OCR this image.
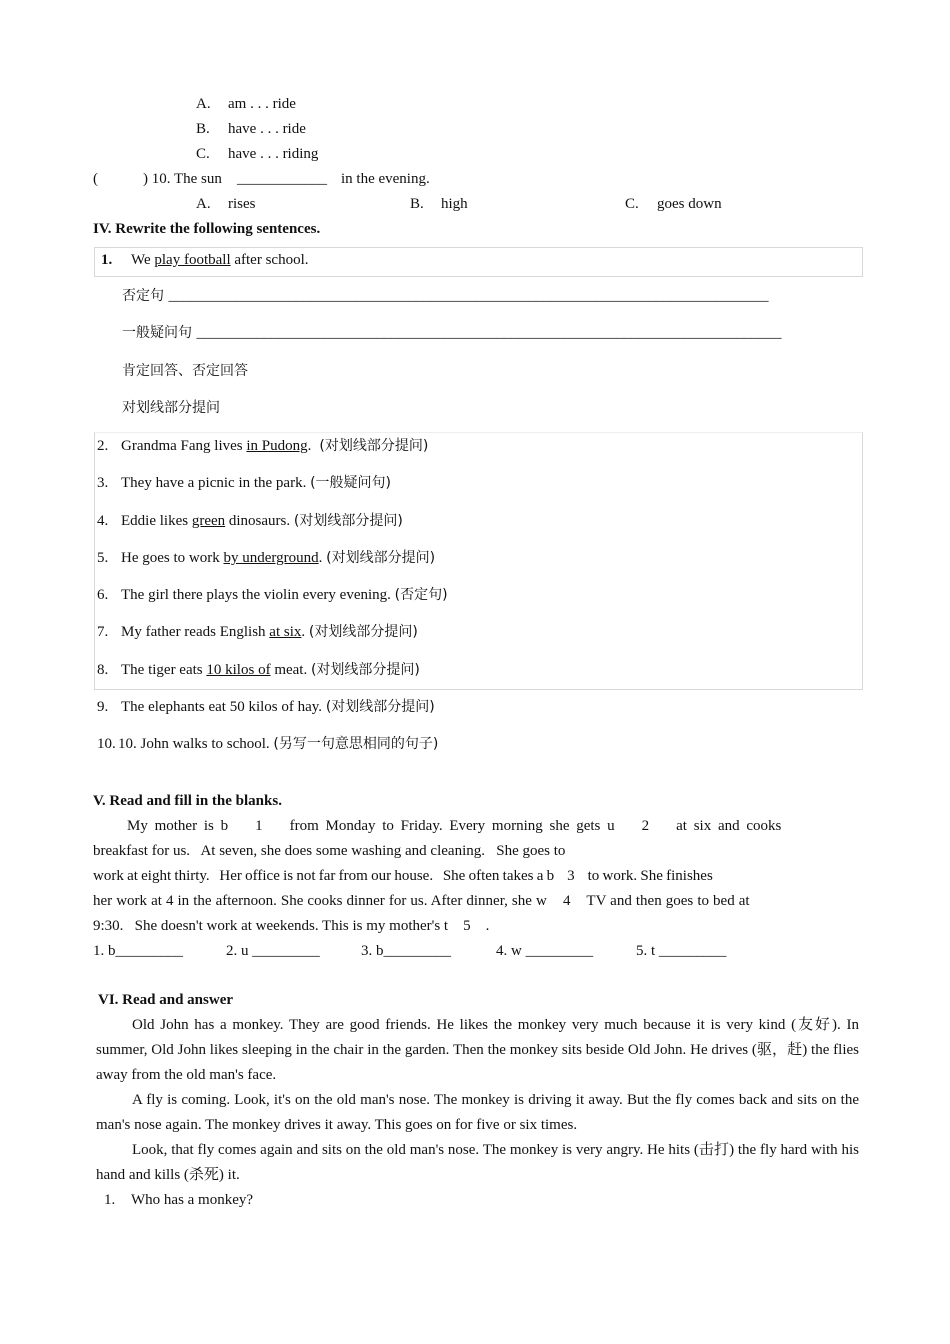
A. am . . . ride
B. have . . . ride
C. have . . . riding
(	) 10. The sun ____________ in the evening.
A. rises	B. high	C. goes down
IV. Rewrite the following sentences.
1. We play football after school.
否定句 ________________________________________________________________________________
一般疑问句 ______________________________________________________________________________
肯定回答、否定回答
对划线部分提问
2. Grandma Fang lives in Pudong. (对划线部分提问)
3. They have a picnic in the park. (一般疑问句)
4. Eddie likes green dinosaurs. (对划线部分提问)
5. He goes to work by underground. (对划线部分提问)
6. The girl there plays the violin every evening. (否定句)
7. My father reads English at six. (对划线部分提问)
8. The tiger eats 10 kilos of meat. (对划线部分提问)
9. The elephants eat 50 kilos of hay. (对划线部分提问)
10. 10. John walks to school. (另写一句意思相同的句子)
V. Read and fill in the blanks.
My mother is b    1    from Monday to Friday. Every morning she gets u    2    at six and cooks
breakfast for us.   At seven, she does some washing and cleaning.   She goes to
work at eight thirty.   Her office is not far from our house.   She often takes a b    3    to work. She finishes
her work at 4 in the afternoon. She cooks dinner for us. After dinner, she w    4    TV and then goes to bed at
9:30.   She doesn't work at weekends. This is my mother's t    5    .
1. b_________	2. u _________	3. b_________	4. w _________	5. t _________
VI. Read and answer

Old John has a monkey. They are good friends. He likes the monkey very much because it is very kind (友好). In summer, Old John likes sleeping in the chair in the garden. Then the monkey sits beside Old John. He drives (驱，赶) the flies away from the old man's face.

A fly is coming. Look, it's on the old man's nose. The monkey is driving it away. But the fly comes back and sits on the man's nose again. The monkey drives it away. This goes on for five or six times.

Look, that fly comes again and sits on the old man's nose. The monkey is very angry. He hits (击打) the fly hard with his hand and kills (杀死) it.

1. Who has a monkey?
